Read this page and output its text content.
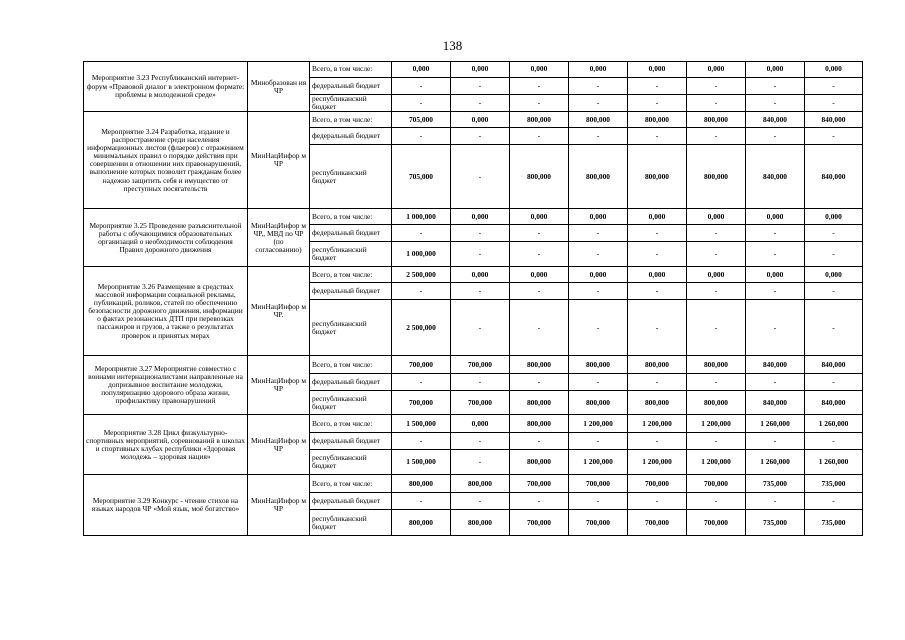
138
Мероприятие 3.23 Республиканский интернет-форум «Правовой диалог в электронном формате: проблемы в молодежной среде»	Минобразован ия ЧР	Всего, в том числе:	0,000	0,000	0,000	0,000	0,000	0,000	0,000	0,000
		федеральный бюджет	-	-	-	-	-	-	-	-
		республиканский бюджет	-	-	-	-	-	-	-	-
Мероприятие 3.24 Разработка, издание и распространение среди населения информационных листов (флаеров) с отражением минимальных правил о порядке действия при совершении в отношении них правонарушений, выполнение которых позволит гражданам более надежно защитить себя и имущество от преступных посягательств	МинНацИнфор м ЧР	Всего, в том числе:	705,000	0,000	800,000	800,000	800,000	800,000	840,000	840,000
		федеральный бюджет	-	-	-	-	-	-	-	-
		республиканский бюджет	705,000	-	800,000	800,000	800,000	800,000	840,000	840,000
Мероприятие 3.25 Проведение разъяснительной работы с обучающимися образовательных организаций о необходимости соблюдения Правил дорожного движения	МинНацИнфор м ЧР,, МВД по ЧР (по согласованию)	Всего, в том числе:	1 000,000	0,000	0,000	0,000	0,000	0,000	0,000	0,000
		федеральный бюджет	-	-	-	-	-	-	-	-
		республиканский бюджет	1 000,000	-	-	-	-	-	-	-
Мероприятие 3.26 Размещение в средствах массовой информации социальной рекламы, публикаций, роликов, статей по обеспечению безопасности дорожного движения, информации о фактах резонансных ДТП при перевозках пассажиров и грузов, а также о результатах проверок и принятых мерах	МинНацИнфор м ЧР.	Всего, в том числе:	2 500,000	0,000	0,000	0,000	0,000	0,000	0,000	0,000
		федеральный бюджет	-	-	-	-	-	-	-	-
		республиканский бюджет	2 500,000	-	-	-	-	-	-	-
Мероприятие 3.27 Мероприятие совместно с воинами интернационалистами направленные на допризывное воспитание молодежи, популяризацию здорового образа жизни, профилактику правонарушений	МинНацИнфор м ЧР	Всего, в том числе:	700,000	700,000	800,000	800,000	800,000	800,000	840,000	840,000
		федеральный бюджет	-	-	-	-	-	-	-	-
		республиканский бюджет	700,000	700,000	800,000	800,000	800,000	800,000	840,000	840,000
Мероприятие 3.28 Цикл физкультурно-спортивных мероприятий, соревнований в школах и спортивных клубах республики «Здоровая молодежь – здоровая нация»	МинНацИнфор м ЧР	Всего, в том числе:	1 500,000	0,000	800,000	1 200,000	1 200,000	1 200,000	1 260,000	1 260,000
		федеральный бюджет	-	-	-	-	-	-	-	-
		республиканский бюджет	1 500,000	-	800,000	1 200,000	1 200,000	1 200,000	1 260,000	1 260,000
Мероприятие 3.29 Конкурс - чтение стихов на языках народов ЧР «Мой язык, моё богатство»	МинНацИнфор м ЧР	Всего, в том числе:	800,000	800,000	700,000	700,000	700,000	700,000	735,000	735,000
		федеральный бюджет	-	-	-	-	-	-	-	-
		республиканский бюджет	800,000	800,000	700,000	700,000	700,000	700,000	735,000	735,000
